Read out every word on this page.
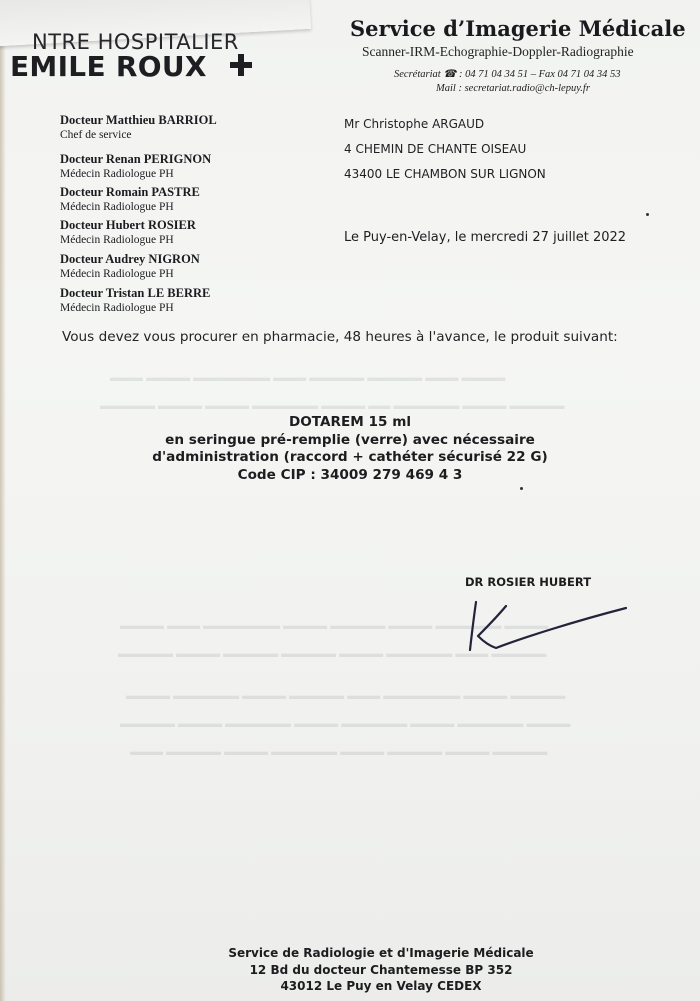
▬▬▬▬ ▬▬▬ ▬▬▬▬▬ ▬▬▬▬▬ ▬▬▬ ▬▬▬▬▬▬▬ ▬▬▬▬ ▬▬▬
▬▬▬▬▬ ▬▬▬▬ ▬▬▬▬▬▬ ▬▬ ▬▬▬▬ ▬▬▬▬▬▬ ▬▬▬▬ ▬▬▬▬ ▬▬▬▬▬
▬▬▬▬ ▬▬▬▬▬▬ ▬▬▬▬ ▬▬▬▬▬ ▬▬▬▬ ▬▬▬▬▬▬▬ ▬▬▬ ▬▬▬▬
▬▬▬▬▬ ▬▬▬ ▬▬▬▬▬▬ ▬▬▬▬ ▬▬▬▬▬ ▬▬▬▬▬ ▬▬▬▬ ▬▬▬▬▬
▬▬▬▬▬ ▬▬▬▬ ▬▬▬▬▬▬▬ ▬▬▬ ▬▬▬▬▬ ▬▬▬▬ ▬▬▬▬▬▬ ▬▬▬▬
▬▬▬▬ ▬▬▬▬▬▬ ▬▬▬▬ ▬▬▬▬▬▬ ▬▬▬▬ ▬▬▬▬▬▬ ▬▬▬▬ ▬▬▬▬▬
▬▬▬▬▬ ▬▬▬▬ ▬▬▬▬▬ ▬▬▬▬ ▬▬▬▬▬▬ ▬▬▬▬ ▬▬▬▬▬ ▬▬▬
NTRE HOSPITALIER
EMILE ROUX
Service d’Imagerie Médicale
Scanner-IRM-Echographie-Doppler-Radiographie
Secrétariat ☎ : 04 71 04 34 51 – Fax 04 71 04 34 53
Mail : secretariat.radio@ch-lepuy.fr
Docteur Matthieu BARRIOL
Chef de service
Docteur Renan PERIGNON
Médecin Radiologue PH
Docteur Romain PASTRE
Médecin Radiologue PH
Docteur Hubert ROSIER
Médecin Radiologue PH
Docteur Audrey NIGRON
Médecin Radiologue PH
Docteur Tristan LE BERRE
Médecin Radiologue PH
Mr Christophe ARGAUD
4 CHEMIN DE CHANTE OISEAU
43400 LE CHAMBON SUR LIGNON
Le Puy-en-Velay, le mercredi 27 juillet 2022
Vous devez vous procurer en pharmacie, 48 heures à l'avance, le produit suivant:
DOTAREM 15 ml
en seringue pré-remplie (verre) avec nécessaire
d'administration (raccord + cathéter sécurisé 22 G)
Code CIP : 34009 279 469 4 3
DR ROSIER HUBERT
Service de Radiologie et d'Imagerie Médicale
12 Bd du docteur Chantemesse BP 352
43012 Le Puy en Velay CEDEX
